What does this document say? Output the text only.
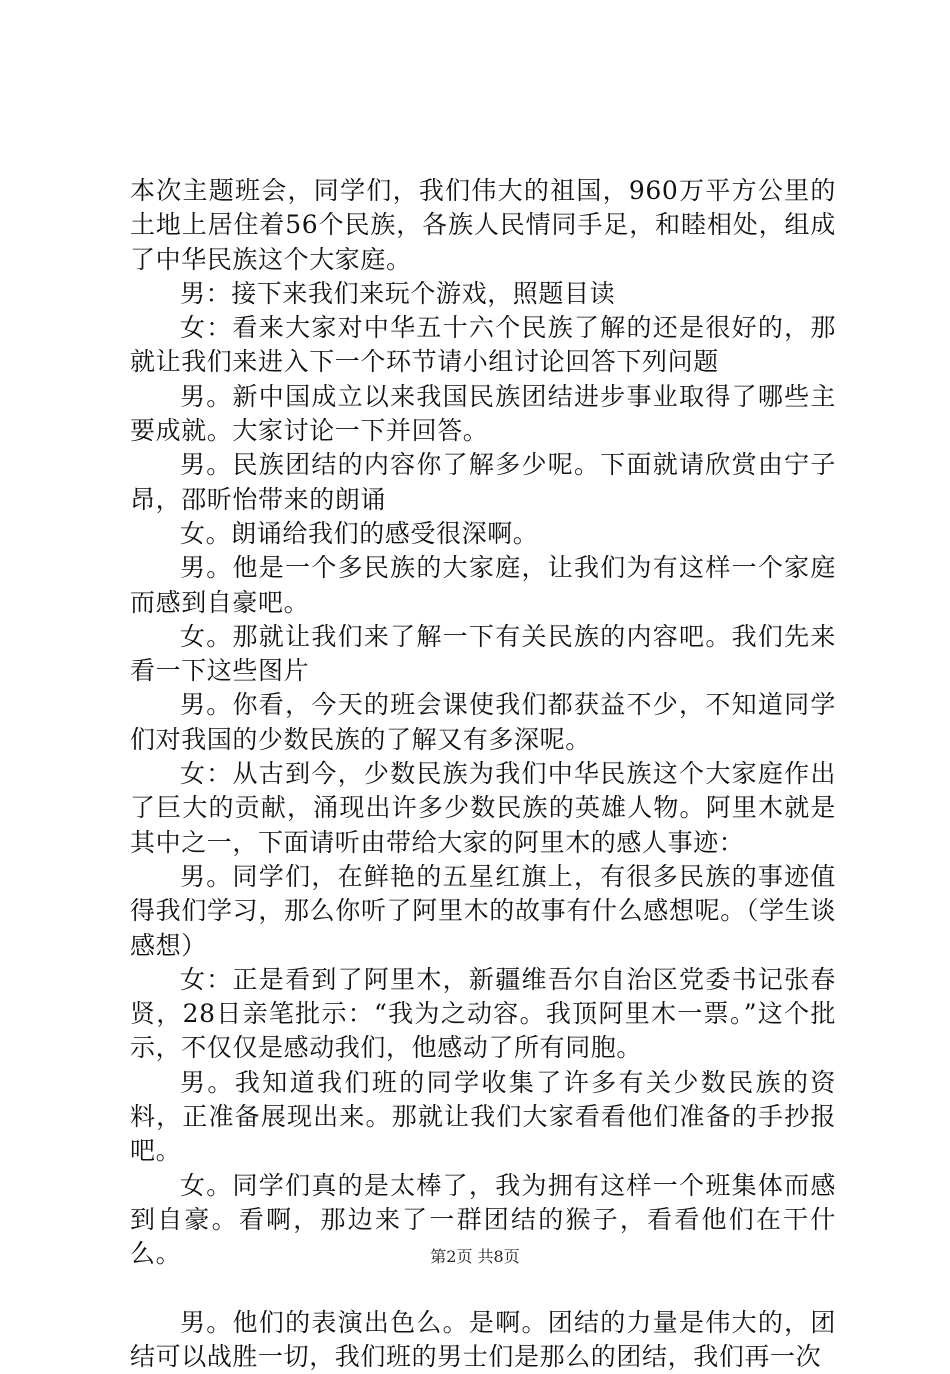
本次主题班会，同学们，我们伟大的祖国，960万平方公里的土地上居住着56个民族，各族人民情同手足，和睦相处，组成了中华民族这个大家庭。

男：接下来我们来玩个游戏，照题目读

女：看来大家对中华五十六个民族了解的还是很好的，那就让我们来进入下一个环节请小组讨论回答下列问题

男。新中国成立以来我国民族团结进步事业取得了哪些主要成就。大家讨论一下并回答。

男。民族团结的内容你了解多少呢。下面就请欣赏由宁子昂，邵昕怡带来的朗诵

女。朗诵给我们的感受很深啊。

男。他是一个多民族的大家庭，让我们为有这样一个家庭而感到自豪吧。

女。那就让我们来了解一下有关民族的内容吧。我们先来看一下这些图片

男。你看，今天的班会课使我们都获益不少，不知道同学们对我国的少数民族的了解又有多深呢。

女：从古到今，少数民族为我们中华民族这个大家庭作出了巨大的贡献，涌现出许多少数民族的英雄人物。阿里木就是其中之一，下面请听由带给大家的阿里木的感人事迹：

男。同学们，在鲜艳的五星红旗上，有很多民族的事迹值得我们学习，那么你听了阿里木的故事有什么感想呢。（学生谈感想）

女：正是看到了阿里木，新疆维吾尔自治区党委书记张春贤，28日亲笔批示：“我为之动容。我顶阿里木一票。”这个批示，不仅仅是感动我们，他感动了所有同胞。

男。我知道我们班的同学收集了许多有关少数民族的资料，正准备展现出来。那就让我们大家看看他们准备的手抄报吧。

女。同学们真的是太棒了，我为拥有这样一个班集体而感到自豪。看啊，那边来了一群团结的猴子，看看他们在干什么。

男。他们的表演出色么。是啊。团结的力量是伟大的，团结可以战胜一切，我们班的男士们是那么的团结，我们再一次

第2页 共8页
